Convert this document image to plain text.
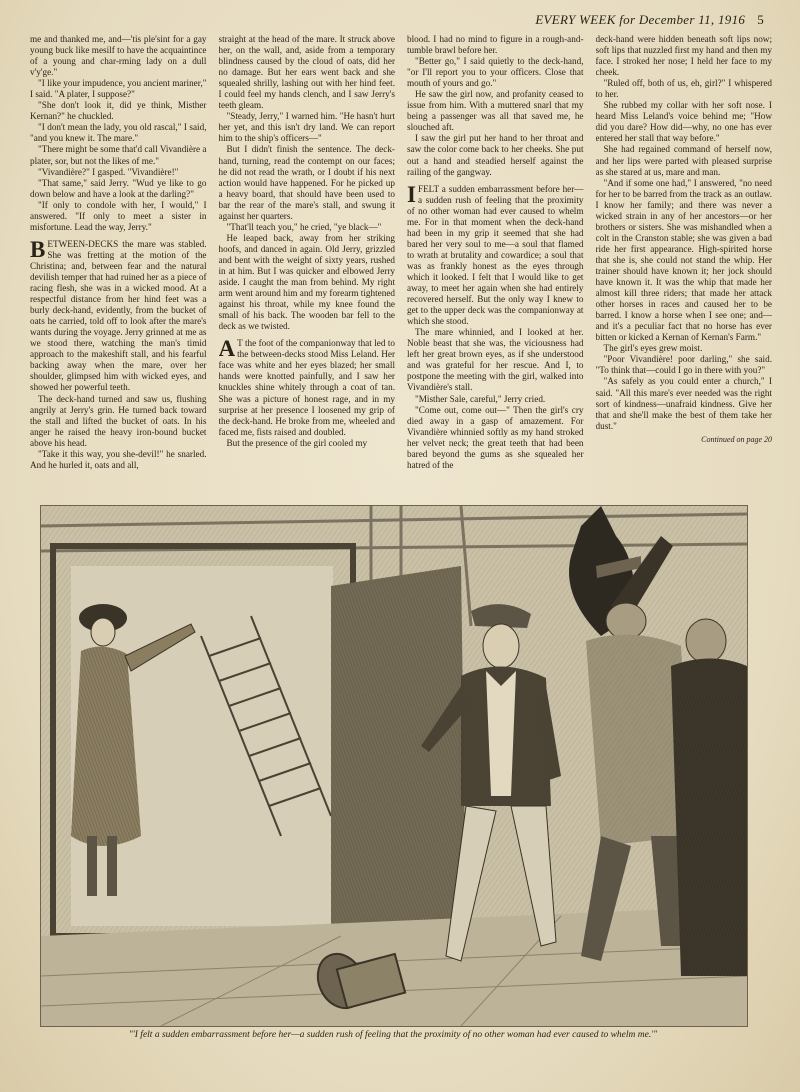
EVERY WEEK for December 11, 1916 5

me and thanked me, and—'tis ple'sint for a gay young buck like mesilf to have the acquaintince of a young and char-rming lady on a dull v'y'ge."

"I like your impudence, you ancient mariner," I said. "A plater, I suppose?"

"She don't look it, did ye think, Misther Kernan?" he chuckled.

"I don't mean the lady, you old rascal," I said, "and you knew it. The mare."

"There might be some that'd call Vivandière a plater, sor, but not the likes of me."

"Vivandière?" I gasped. "Vivandière!"

"That same," said Jerry. "Wud ye like to go down below and have a look at the darling?"

"If only to condole with her, I would," I answered. "If only to meet a sister in misfortune. Lead the way, Jerry."

BETWEEN-DECKS the mare was stabled. She was fretting at the motion of the Christina; and, between fear and the natural devilish temper that had ruined her as a piece of racing flesh, she was in a wicked mood. At a respectful distance from her hind feet was a burly deck-hand, evidently, from the bucket of oats he carried, told off to look after the mare's wants during the voyage. Jerry grinned at me as we stood there, watching the man's timid approach to the makeshift stall, and his fearful backing away when the mare, over her shoulder, glimpsed him with wicked eyes, and showed her powerful teeth.

The deck-hand turned and saw us, flushing angrily at Jerry's grin. He turned back toward the stall and lifted the bucket of oats. In his anger he raised the heavy iron-bound bucket above his head.

"Take it this way, you she-devil!" he snarled. And he hurled it, oats and all,

straight at the head of the mare. It struck above her, on the wall, and, aside from a temporary blindness caused by the cloud of oats, did her no damage. But her ears went back and she squealed shrilly, lashing out with her hind feet. I could feel my hands clench, and I saw Jerry's teeth gleam.

"Steady, Jerry," I warned him. "He hasn't hurt her yet, and this isn't dry land. We can report him to the ship's officers—"

But I didn't finish the sentence. The deck-hand, turning, read the contempt on our faces; he did not read the wrath, or I doubt if his next action would have happened. For he picked up a heavy board, that should have been used to bar the rear of the mare's stall, and swung it against her quarters.

"That'll teach you," he cried, "ye black—"

He leaped back, away from her striking hoofs, and danced in again. Old Jerry, grizzled and bent with the weight of sixty years, rushed in at him. But I was quicker and elbowed Jerry aside. I caught the man from behind. My right arm went around him and my forearm tightened against his throat, while my knee found the small of his back. The wooden bar fell to the deck as we twisted.

A T the foot of the companionway that led to the between-decks stood Miss Leland. Her face was white and her eyes blazed; her small hands were knotted painfully, and I saw her knuckles shine whitely through a coat of tan. She was a picture of honest rage, and in my surprise at her presence I loosened my grip of the deck-hand. He broke from me, wheeled and faced me, fists raised and doubled.

But the presence of the girl cooled my

blood. I had no mind to figure in a rough-and-tumble brawl before her.

"Better go," I said quietly to the deck-hand, "or I'll report you to your officers. Close that mouth of yours and go."

He saw the girl now, and profanity ceased to issue from him. With a muttered snarl that my being a passenger was all that saved me, he slouched aft.

I saw the girl put her hand to her throat and saw the color come back to her cheeks. She put out a hand and steadied herself against the railing of the gangway.

IFELT a sudden embarrassment before her—a sudden rush of feeling that the proximity of no other woman had ever caused to whelm me. For in that moment when the deck-hand had been in my grip it seemed that she had bared her very soul to me—a soul that flamed to wrath at brutality and cowardice; a soul that was as frankly honest as the eyes through which it looked. I felt that I would like to get away, to meet her again when she had entirely recovered herself. But the only way I knew to get to the upper deck was the companionway at which she stood.

The mare whinnied, and I looked at her. Noble beast that she was, the viciousness had left her great brown eyes, as if she understood and was grateful for her rescue. And I, to postpone the meeting with the girl, walked into Vivandière's stall.

"Misther Sale, careful," Jerry cried.

"Come out, come out—" Then the girl's cry died away in a gasp of amazement. For Vivandière whinnied softly as my hand stroked her velvet neck; the great teeth that had been bared beyond the gums as she squealed her hatred of the

deck-hand were hidden beneath soft lips now; soft lips that nuzzled first my hand and then my face. I stroked her nose; I held her face to my cheek.

"Ruled off, both of us, eh, girl?" I whispered to her.

She rubbed my collar with her soft nose. I heard Miss Leland's voice behind me; "How did you dare? How did—why, no one has ever entered her stall that way before."

She had regained command of herself now, and her lips were parted with pleased surprise as she stared at us, mare and man.

"And if some one had," I answered, "no need for her to be barred from the track as an outlaw. I know her family; and there was never a wicked strain in any of her ancestors—or her brothers or sisters. She was mishandled when a colt in the Cranston stable; she was given a bad ride her first appearance. High-spirited horse that she is, she could not stand the whip. Her trainer should have known it; her jock should have known it. It was the whip that made her almost kill three riders; that made her attack other horses in races and caused her to be barred. I know a horse when I see one; and—and it's a peculiar fact that no horse has ever bitten or kicked a Kernan of Kernan's Farm."

The girl's eyes grew moist.

"Poor Vivandière! poor darling," she said. "To think that—could I go in there with you?"

"As safely as you could enter a church," I said. "All this mare's ever needed was the right sort of kindness—unafraid kindness. Give her that and she'll make the best of them take her dust."

Continued on page 20

"'I felt a sudden embarrassment before her—a sudden rush of feeling that the proximity of no other woman had ever caused to whelm me.'"
